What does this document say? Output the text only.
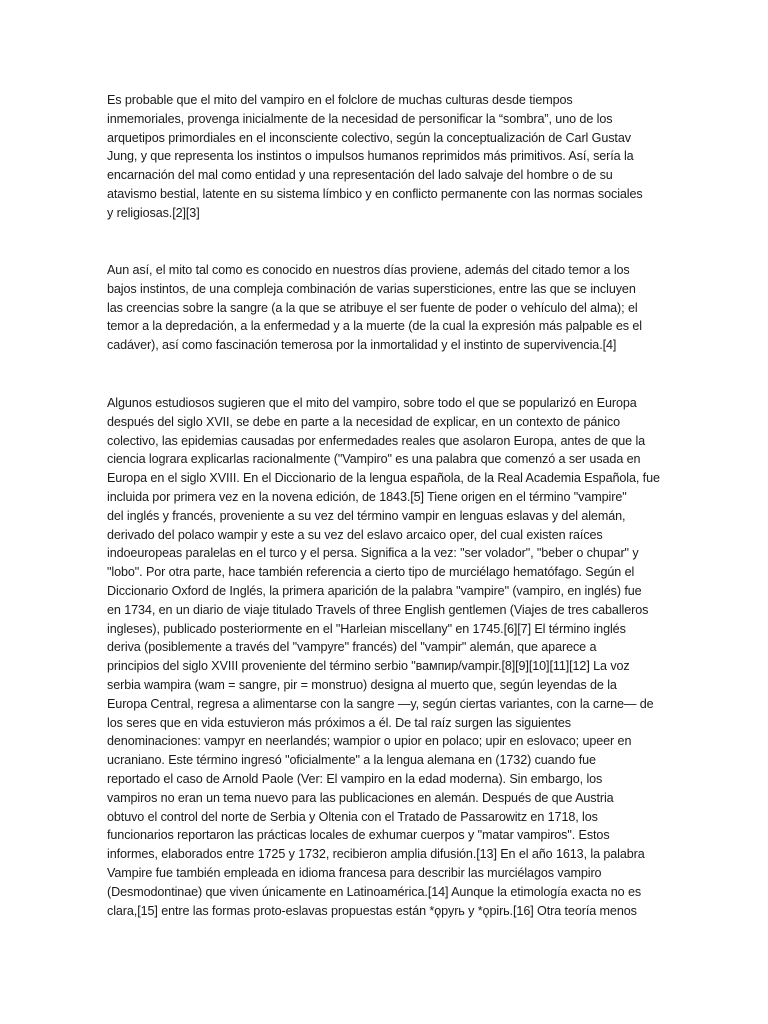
Es probable que el mito del vampiro en el folclore de muchas culturas desde tiempos
inmemoriales, provenga inicialmente de la necesidad de personificar la “sombra”, uno de los
arquetipos primordiales en el inconsciente colectivo, según la conceptualización de Carl Gustav
Jung, y que representa los instintos o impulsos humanos reprimidos más primitivos. Así, sería la
encarnación del mal como entidad y una representación del lado salvaje del hombre o de su
atavismo bestial, latente en su sistema límbico y en conflicto permanente con las normas sociales
y religiosas.[2][3]

Aun así, el mito tal como es conocido en nuestros días proviene, además del citado temor a los
bajos instintos, de una compleja combinación de varias supersticiones, entre las que se incluyen
las creencias sobre la sangre (a la que se atribuye el ser fuente de poder o vehículo del alma); el
temor a la depredación, a la enfermedad y a la muerte (de la cual la expresión más palpable es el
cadáver), así como fascinación temerosa por la inmortalidad y el instinto de supervivencia.[4]

Algunos estudiosos sugieren que el mito del vampiro, sobre todo el que se popularizó en Europa
después del siglo XVII, se debe en parte a la necesidad de explicar, en un contexto de pánico
colectivo, las epidemias causadas por enfermedades reales que asolaron Europa, antes de que la
ciencia lograra explicarlas racionalmente ("Vampiro" es una palabra que comenzó a ser usada en
Europa en el siglo XVIII. En el Diccionario de la lengua española, de la Real Academia Española, fue
incluida por primera vez en la novena edición, de 1843.[5] Tiene origen en el término "vampire"
del inglés y francés, proveniente a su vez del término vampir en lenguas eslavas y del alemán,
derivado del polaco wampir y este a su vez del eslavo arcaico oper, del cual existen raíces
indoeuropeas paralelas en el turco y el persa. Significa a la vez: "ser volador", "beber o chupar" y
"lobo". Por otra parte, hace también referencia a cierto tipo de murciélago hematófago. Según el
Diccionario Oxford de Inglés, la primera aparición de la palabra "vampire" (vampiro, en inglés) fue
en 1734, en un diario de viaje titulado Travels of three English gentlemen (Viajes de tres caballeros
ingleses), publicado posteriormente en el "Harleian miscellany" en 1745.[6][7] El término inglés
deriva (posiblemente a través del "vampyre" francés) del "vampir" alemán, que aparece a
principios del siglo XVIII proveniente del término serbio "вампир/vampir.[8][9][10][11][12] La voz
serbia wampira (wam = sangre, pir = monstruo) designa al muerto que, según leyendas de la
Europa Central, regresa a alimentarse con la sangre —y, según ciertas variantes, con la carne— de
los seres que en vida estuvieron más próximos a él. De tal raíz surgen las siguientes
denominaciones: vampyr en neerlandés; wampior o upior en polaco; upir en eslovaco; upeer en
ucraniano. Este término ingresó "oficialmente" a la lengua alemana en (1732) cuando fue
reportado el caso de Arnold Paole (Ver: El vampiro en la edad moderna). Sin embargo, los
vampiros no eran un tema nuevo para las publicaciones en alemán. Después de que Austria
obtuvo el control del norte de Serbia y Oltenia con el Tratado de Passarowitz en 1718, los
funcionarios reportaron las prácticas locales de exhumar cuerpos y "matar vampiros". Estos
informes, elaborados entre 1725 y 1732, recibieron amplia difusión.[13] En el año 1613, la palabra
Vampire fue también empleada en idioma francesa para describir las murciélagos vampiro
(Desmodontinae) que viven únicamente en Latinoamérica.[14] Aunque la etimología exacta no es
clara,[15] entre las formas proto-eslavas propuestas están *ǫpyrь y *ǫpirь.[16] Otra teoría menos
